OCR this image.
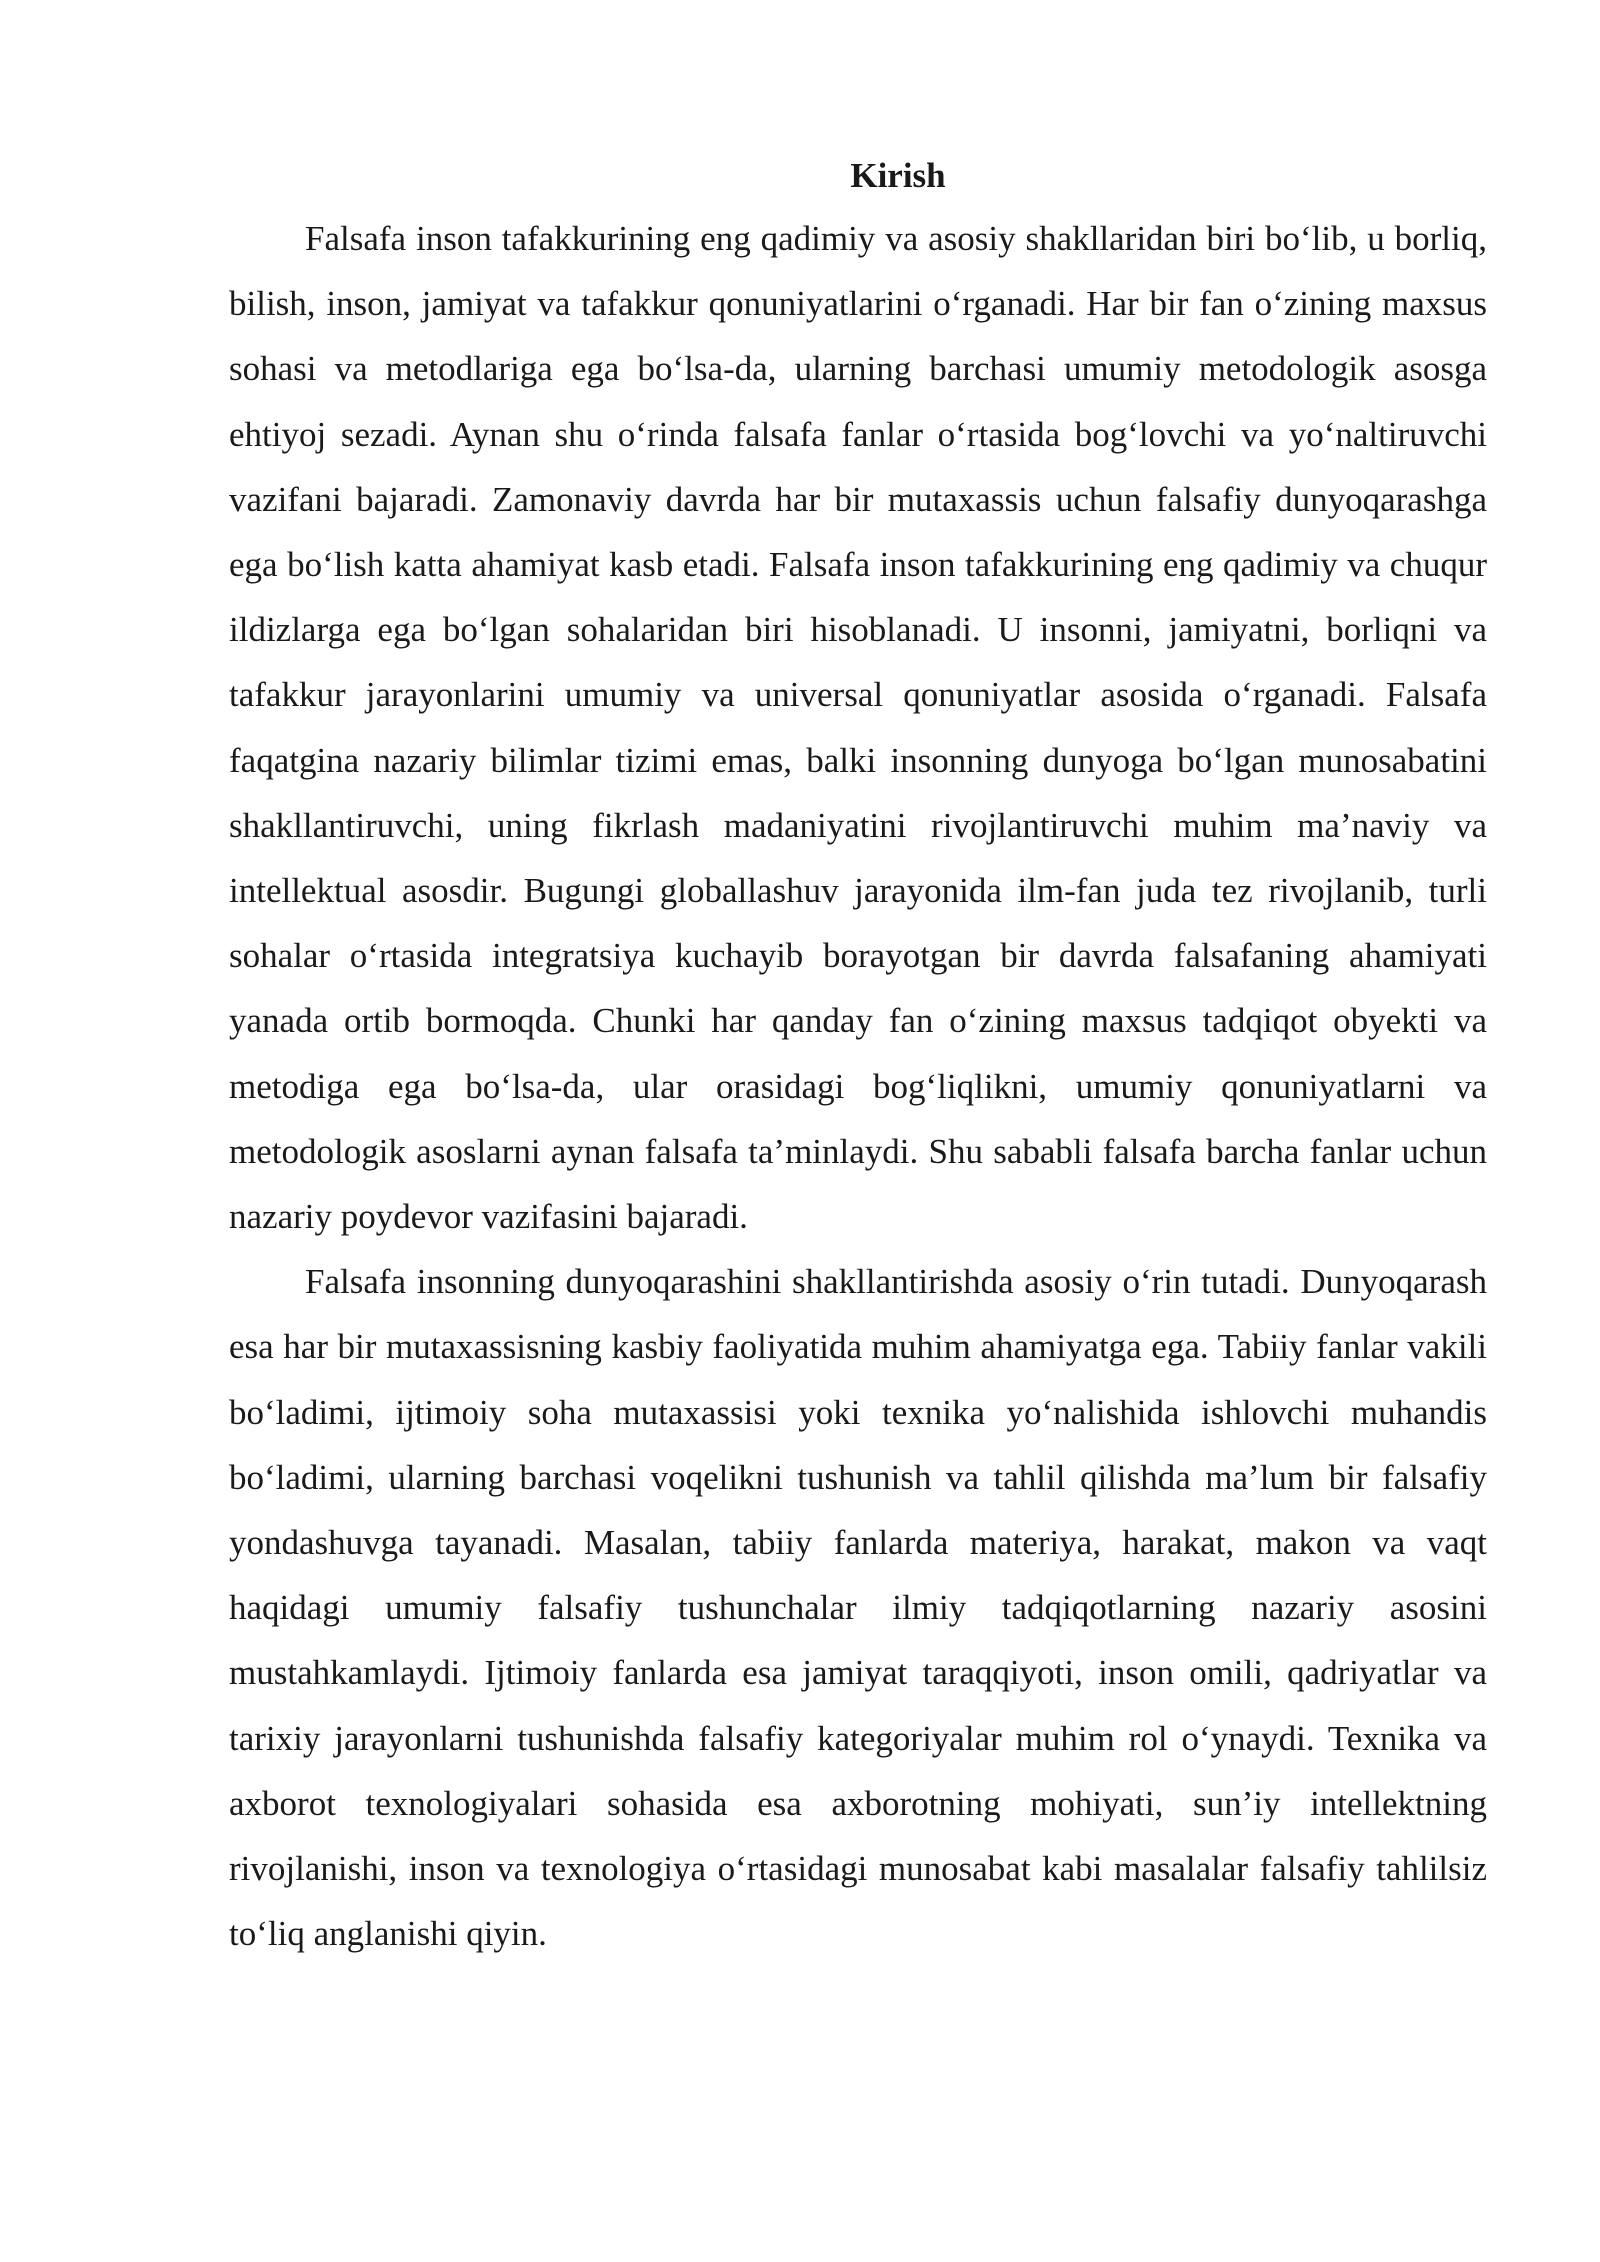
Kirish

Falsafa inson tafakkurining eng qadimiy va asosiy shakllaridan biri bo‘lib, u borliq, bilish, inson, jamiyat va tafakkur qonuniyatlarini o‘rganadi. Har bir fan o‘zining maxsus sohasi va metodlariga ega bo‘lsa-da, ularning barchasi umumiy metodologik asosga ehtiyoj sezadi. Aynan shu o‘rinda falsafa fanlar o‘rtasida bog‘lovchi va yo‘naltiruvchi vazifani bajaradi. Zamonaviy davrda har bir mutaxassis uchun falsafiy dunyoqarashga ega bo‘lish katta ahamiyat kasb etadi. Falsafa inson tafakkurining eng qadimiy va chuqur ildizlarga ega bo‘lgan sohalaridan biri hisoblanadi. U insonni, jamiyatni, borliqni va tafakkur jarayonlarini umumiy va universal qonuniyatlar asosida o‘rganadi. Falsafa faqatgina nazariy bilimlar tizimi emas, balki insonning dunyoga bo‘lgan munosabatini shakllantiruvchi, uning fikrlash madaniyatini rivojlantiruvchi muhim ma’naviy va intellektual asosdir. Bugungi globallashuv jarayonida ilm-fan juda tez rivojlanib, turli sohalar o‘rtasida integratsiya kuchayib borayotgan bir davrda falsafaning ahamiyati yanada ortib bormoqda. Chunki har qanday fan o‘zining maxsus tadqiqot obyekti va metodiga ega bo‘lsa-da, ular orasidagi bog‘liqlikni, umumiy qonuniyatlarni va metodologik asoslarni aynan falsafa ta’minlaydi. Shu sababli falsafa barcha fanlar uchun nazariy poydevor vazifasini bajaradi.

Falsafa insonning dunyoqarashini shakllantirishda asosiy o‘rin tutadi. Dunyoqarash esa har bir mutaxassisning kasbiy faoliyatida muhim ahamiyatga ega. Tabiiy fanlar vakili bo‘ladimi, ijtimoiy soha mutaxassisi yoki texnika yo‘nalishida ishlovchi muhandis bo‘ladimi, ularning barchasi voqelikni tushunish va tahlil qilishda ma’lum bir falsafiy yondashuvga tayanadi. Masalan, tabiiy fanlarda materiya, harakat, makon va vaqt haqidagi umumiy falsafiy tushunchalar ilmiy tadqiqotlarning nazariy asosini mustahkamlaydi. Ijtimoiy fanlarda esa jamiyat taraqqiyoti, inson omili, qadriyatlar va tarixiy jarayonlarni tushunishda falsafiy kategoriyalar muhim rol o‘ynaydi. Texnika va axborot texnologiyalari sohasida esa axborotning mohiyati, sun’iy intellektning rivojlanishi, inson va texnologiya o‘rtasidagi munosabat kabi masalalar falsafiy tahlilsiz to‘liq anglanishi qiyin.
